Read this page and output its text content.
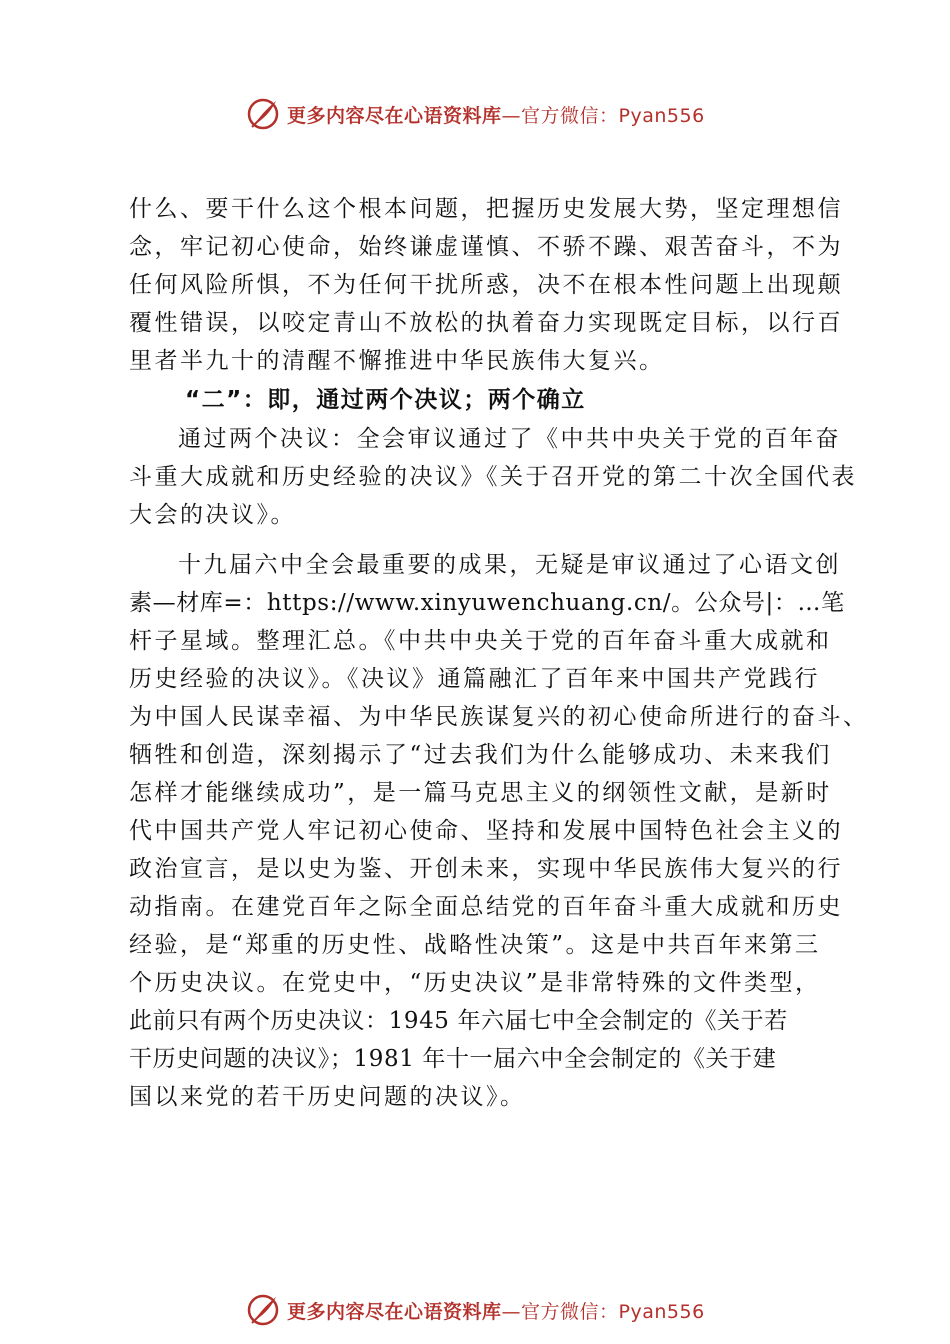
更多内容尽在心语资料库—官方微信：Pyan556
什么、要干什么这个根本问题，把握历史发展大势，坚定理想信
念，牢记初心使命，始终谦虚谨慎、不骄不躁、艰苦奋斗，不为
任何风险所惧，不为任何干扰所惑，决不在根本性问题上出现颠
覆性错误，以咬定青山不放松的执着奋力实现既定目标，以行百
里者半九十的清醒不懈推进中华民族伟大复兴。
“二”：即，通过两个决议；两个确立
通过两个决议：全会审议通过了《中共中央关于党的百年奋
斗重大成就和历史经验的决议》《关于召开党的第二十次全国代表
大会的决议》。
十九届六中全会最重要的成果，无疑是审议通过了心语文创
素—材库=：https://www.xinyuwenchuang.cn/。公众号|：…笔
杆子星域。整理汇总。《中共中央关于党的百年奋斗重大成就和
历史经验的决议》。《决议》通篇融汇了百年来中国共产党践行
为中国人民谋幸福、为中华民族谋复兴的初心使命所进行的奋斗、
牺牲和创造，深刻揭示了“过去我们为什么能够成功、未来我们
怎样才能继续成功”，是一篇马克思主义的纲领性文献，是新时
代中国共产党人牢记初心使命、坚持和发展中国特色社会主义的
政治宣言，是以史为鉴、开创未来，实现中华民族伟大复兴的行
动指南。在建党百年之际全面总结党的百年奋斗重大成就和历史
经验，是“郑重的历史性、战略性决策”。这是中共百年来第三
个历史决议。在党史中，“历史决议”是非常特殊的文件类型，
此前只有两个历史决议：1945 年六届七中全会制定的《关于若
干历史问题的决议》；1981 年十一届六中全会制定的《关于建
国以来党的若干历史问题的决议》。
更多内容尽在心语资料库—官方微信：Pyan556
